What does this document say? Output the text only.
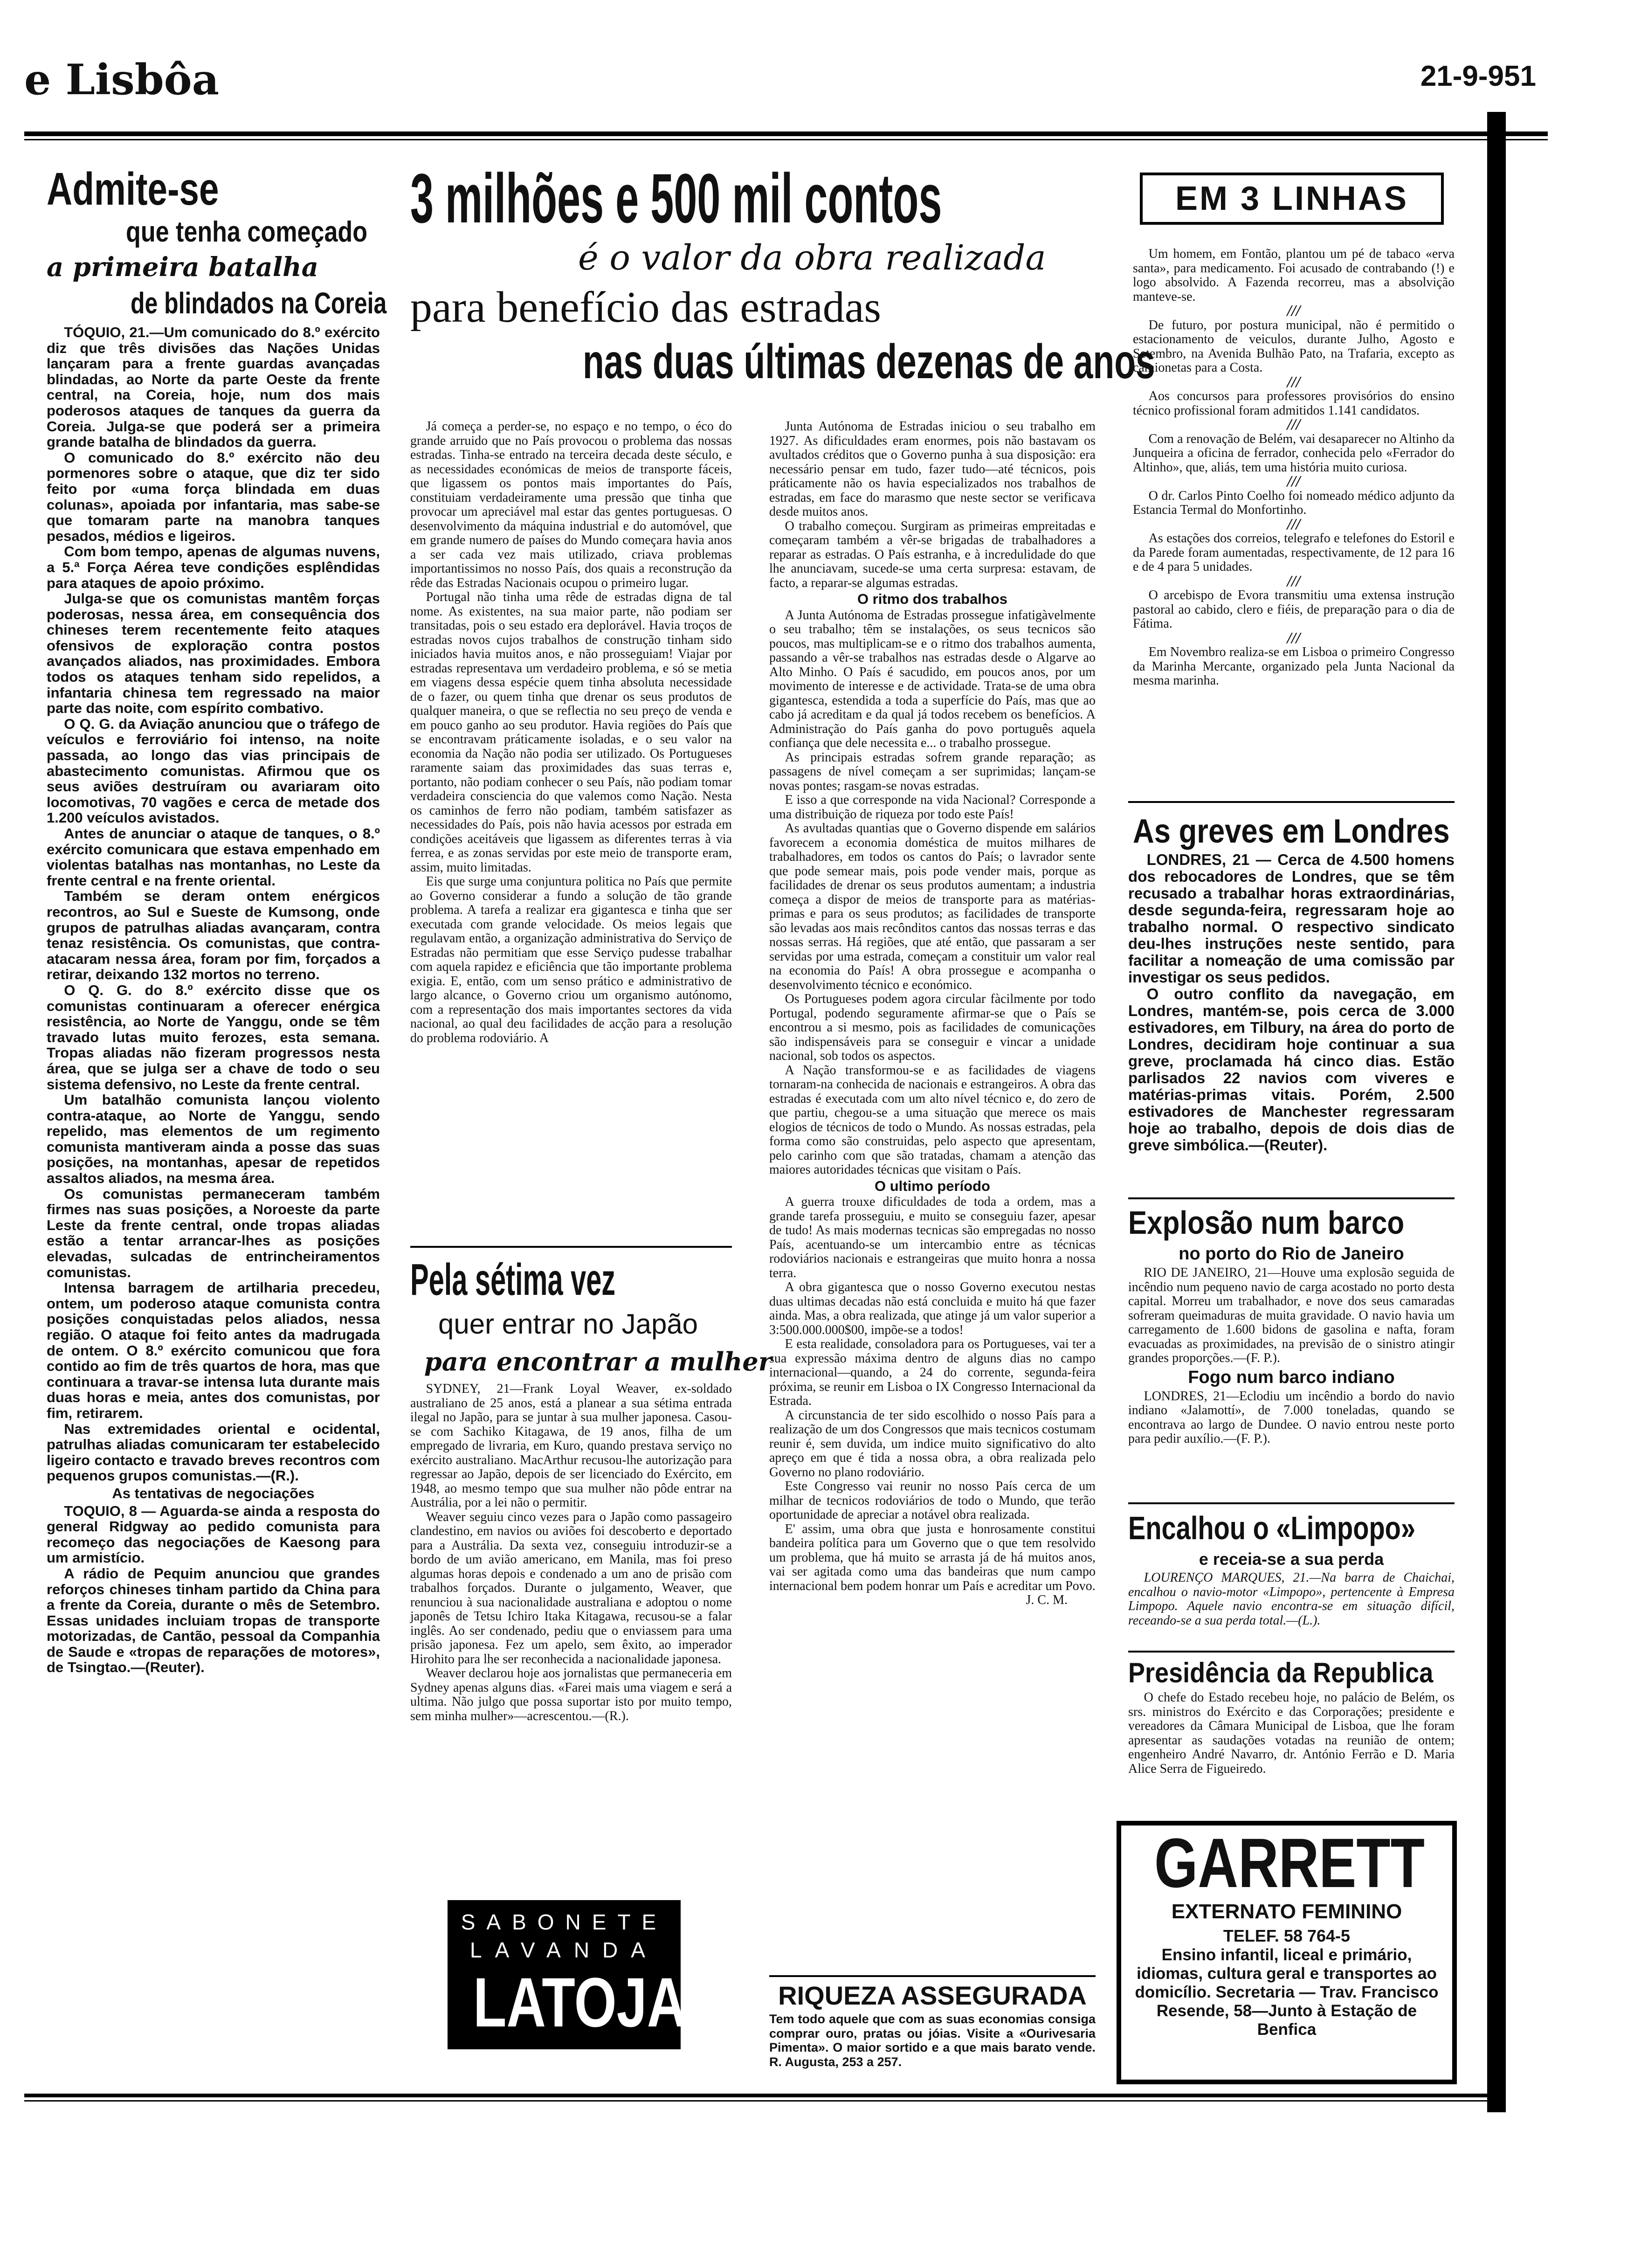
e Lisbôa	21-9-951
Admite-se
que tenha começado
a primeira batalha
de blindados na Coreia

TÓQUIO, 21.—Um comunicado do 8.º exército diz que três divisões das Nações Unidas lançaram para a frente guardas avançadas blindadas, ao Norte da parte Oeste da frente central, na Coreia, hoje, num dos mais poderosos ataques de tanques da guerra da Coreia. Julga-se que poderá ser a primeira grande batalha de blindados da guerra.

O comunicado do 8.º exército não deu pormenores sobre o ataque, que diz ter sido feito por «uma força blindada em duas colunas», apoiada por infantaria, mas sabe-se que tomaram parte na manobra tanques pesados, médios e ligeiros.

Com bom tempo, apenas de algumas nuvens, a 5.ª Força Aérea teve condições esplêndidas para ataques de apoio próximo.

Julga-se que os comunistas mantêm forças poderosas, nessa área, em consequência dos chineses terem recentemente feito ataques ofensivos de exploração contra postos avançados aliados, nas proximidades. Embora todos os ataques tenham sido repelidos, a infantaria chinesa tem regressado na maior parte das noite, com espírito combativo.

O Q. G. da Aviação anunciou que o tráfego de veículos e ferroviário foi intenso, na noite passada, ao longo das vias principais de abastecimento comunistas. Afirmou que os seus aviões destruíram ou avariaram oito locomotivas, 70 vagões e cerca de metade dos 1.200 veículos avistados.

Antes de anunciar o ataque de tanques, o 8.º exército comunicara que estava empenhado em violentas batalhas nas montanhas, no Leste da frente central e na frente oriental.

Também se deram ontem enérgicos recontros, ao Sul e Sueste de Kumsong, onde grupos de patrulhas aliadas avançaram, contra tenaz resistência. Os comunistas, que contra-atacaram nessa área, foram por fim, forçados a retirar, deixando 132 mortos no terreno.

O Q. G. do 8.º exército disse que os comunistas continuaram a oferecer enérgica resistência, ao Norte de Yanggu, onde se têm travado lutas muito ferozes, esta semana. Tropas aliadas não fizeram progressos nesta área, que se julga ser a chave de todo o seu sistema defensivo, no Leste da frente central.

Um batalhão comunista lançou violento contra-ataque, ao Norte de Yanggu, sendo repelido, mas elementos de um regimento comunista mantiveram ainda a posse das suas posições, na montanhas, apesar de repetidos assaltos aliados, na mesma área.

Os comunistas permaneceram também firmes nas suas posições, a Noroeste da parte Leste da frente central, onde tropas aliadas estão a tentar arrancar-lhes as posições elevadas, sulcadas de entrincheiramentos comunistas.

Intensa barragem de artilharia precedeu, ontem, um poderoso ataque comunista contra posições conquistadas pelos aliados, nessa região. O ataque foi feito antes da madrugada de ontem. O 8.º exército comunicou que fora contido ao fim de três quartos de hora, mas que continuara a travar-se intensa luta durante mais duas horas e meia, antes dos comunistas, por fim, retirarem.

Nas extremidades oriental e ocidental, patrulhas aliadas comunicaram ter estabelecido ligeiro contacto e travado breves recontros com pequenos grupos comunistas.—(R.).

As tentativas de negociações

TOQUIO, 8 — Aguarda-se ainda a resposta do general Ridgway ao pedido comunista para recomeço das negociações de Kaesong para um armistício.

A rádio de Pequim anunciou que grandes reforços chineses tinham partido da China para a frente da Coreia, durante o mês de Setembro. Essas unidades incluiam tropas de transporte motorizadas, de Cantão, pessoal da Companhia de Saude e «tropas de reparações de motores», de Tsingtao.—(Reuter).

3 milhões e 500 mil contos
é o valor da obra realizada
para benefício das estradas
nas duas últimas dezenas de anos

Já começa a perder-se, no espaço e no tempo, o éco do grande arruido que no País provocou o problema das nossas estradas. Tinha-se entrado na terceira decada deste século, e as necessidades económicas de meios de transporte fáceis, que ligassem os pontos mais importantes do País, constituiam verdadeiramente uma pressão que tinha que provocar um apreciável mal estar das gentes portuguesas. O desenvolvimento da máquina industrial e do automóvel, que em grande numero de países do Mundo começara havia anos a ser cada vez mais utilizado, criava problemas importantissimos no nosso País, dos quais a reconstrução da rêde das Estradas Nacionais ocupou o primeiro lugar.

Portugal não tinha uma rêde de estradas digna de tal nome. As existentes, na sua maior parte, não podiam ser transitadas, pois o seu estado era deplorável. Havia troços de estradas novos cujos trabalhos de construção tinham sido iniciados havia muitos anos, e não prosseguiam! Viajar por estradas representava um verdadeiro problema, e só se metia em viagens dessa espécie quem tinha absoluta necessidade de o fazer, ou quem tinha que drenar os seus produtos de qualquer maneira, o que se reflectia no seu preço de venda e em pouco ganho ao seu produtor. Havia regiões do País que se encontravam práticamente isoladas, e o seu valor na economia da Nação não podia ser utilizado. Os Portugueses raramente saiam das proximidades das suas terras e, portanto, não podiam conhecer o seu País, não podiam tomar verdadeira consciencia do que valemos como Nação. Nesta os caminhos de ferro não podiam, também satisfazer as necessidades do País, pois não havia acessos por estrada em condições aceitáveis que ligassem as diferentes terras à via ferrea, e as zonas servidas por este meio de transporte eram, assim, muito limitadas.

Eis que surge uma conjuntura politica no País que permite ao Governo considerar a fundo a solução de tão grande problema. A tarefa a realizar era gigantesca e tinha que ser executada com grande velocidade. Os meios legais que regulavam então, a organização administrativa do Serviço de Estradas não permitiam que esse Serviço pudesse trabalhar com aquela rapidez e eficiência que tão importante problema exigia. E, então, com um senso prático e administrativo de largo alcance, o Governo criou um organismo autónomo, com a representação dos mais importantes sectores da vida nacional, ao qual deu facilidades de acção para a resolução do problema rodoviário. A

Pela sétima vez
quer entrar no Japão
para encontrar a mulher

SYDNEY, 21—Frank Loyal Weaver, ex-soldado australiano de 25 anos, está a planear a sua sétima entrada ilegal no Japão, para se juntar à sua mulher japonesa. Casou-se com Sachiko Kitagawa, de 19 anos, filha de um empregado de livraria, em Kuro, quando prestava serviço no exército australiano. MacArthur recusou-lhe autorização para regressar ao Japão, depois de ser licenciado do Exército, em 1948, ao mesmo tempo que sua mulher não pôde entrar na Austrália, por a lei não o permitir.

Weaver seguiu cinco vezes para o Japão como passageiro clandestino, em navios ou aviões foi descoberto e deportado para a Austrália. Da sexta vez, conseguiu introduzir-se a bordo de um avião americano, em Manila, mas foi preso algumas horas depois e condenado a um ano de prisão com trabalhos forçados. Durante o julgamento, Weaver, que renunciou à sua nacionalidade australiana e adoptou o nome japonês de Tetsu Ichiro Itaka Kitagawa, recusou-se a falar inglês. Ao ser condenado, pediu que o enviassem para uma prisão japonesa. Fez um apelo, sem êxito, ao imperador Hirohito para lhe ser reconhecida a nacionalidade japonesa.

Weaver declarou hoje aos jornalistas que permaneceria em Sydney apenas alguns dias. «Farei mais uma viagem e será a ultima. Não julgo que possa suportar isto por muito tempo, sem minha mulher»—acrescentou.—(R.).

SABONETE
LAVANDA
LATOJA

Junta Autónoma de Estradas iniciou o seu trabalho em 1927. As dificuldades eram enormes, pois não bastavam os avultados créditos que o Governo punha à sua disposição: era necessário pensar em tudo, fazer tudo—até técnicos, pois práticamente não os havia especializados nos trabalhos de estradas, em face do marasmo que neste sector se verificava desde muitos anos.

O trabalho começou. Surgiram as primeiras empreitadas e começaram também a vêr-se brigadas de trabalhadores a reparar as estradas. O País estranha, e à incredulidade do que lhe anunciavam, sucede-se uma certa surpresa: estavam, de facto, a reparar-se algumas estradas.

O ritmo dos trabalhos

A Junta Autónoma de Estradas prossegue infatigàvelmente o seu trabalho; têm se instalações, os seus tecnicos são poucos, mas multiplicam-se e o ritmo dos trabalhos aumenta, passando a vêr-se trabalhos nas estradas desde o Algarve ao Alto Minho. O País é sacudido, em poucos anos, por um movimento de interesse e de actividade. Trata-se de uma obra gigantesca, estendida a toda a superfície do País, mas que ao cabo já acreditam e da qual já todos recebem os benefícios. A Administração do País ganha do povo português aquela confiança que dele necessita e... o trabalho prossegue.

As principais estradas sofrem grande reparação; as passagens de nível começam a ser suprimidas; lançam-se novas pontes; rasgam-se novas estradas.

E isso a que corresponde na vida Nacional? Corresponde a uma distribuição de riqueza por todo este País!

As avultadas quantias que o Governo dispende em salários favorecem a economia doméstica de muitos milhares de trabalhadores, em todos os cantos do País; o lavrador sente que pode semear mais, pois pode vender mais, porque as facilidades de drenar os seus produtos aumentam; a industria começa a dispor de meios de transporte para as matérias-primas e para os seus produtos; as facilidades de transporte são levadas aos mais recônditos cantos das nossas terras e das nossas serras. Há regiões, que até então, que passaram a ser servidas por uma estrada, começam a constituir um valor real na economia do País! A obra prossegue e acompanha o desenvolvimento técnico e económico.

Os Portugueses podem agora circular fàcilmente por todo Portugal, podendo seguramente afirmar-se que o País se encontrou a si mesmo, pois as facilidades de comunicações são indispensáveis para se conseguir e vincar a unidade nacional, sob todos os aspectos.

A Nação transformou-se e as facilidades de viagens tornaram-na conhecida de nacionais e estrangeiros. A obra das estradas é executada com um alto nível técnico e, do zero de que partiu, chegou-se a uma situação que merece os mais elogios de técnicos de todo o Mundo. As nossas estradas, pela forma como são construidas, pelo aspecto que apresentam, pelo carinho com que são tratadas, chamam a atenção das maiores autoridades técnicas que visitam o País.

O ultimo período

A guerra trouxe dificuldades de toda a ordem, mas a grande tarefa prosseguiu, e muito se conseguiu fazer, apesar de tudo! As mais modernas tecnicas são empregadas no nosso País, acentuando-se um intercambio entre as técnicas rodoviários nacionais e estrangeiras que muito honra a nossa terra.

A obra gigantesca que o nosso Governo executou nestas duas ultimas decadas não está concluida e muito há que fazer ainda. Mas, a obra realizada, que atinge já um valor superior a 3:500.000.000$00, impõe-se a todos!

E esta realidade, consoladora para os Portugueses, vai ter a sua expressão máxima dentro de alguns dias no campo internacional—quando, a 24 do corrente, segunda-feira próxima, se reunir em Lisboa o IX Congresso Internacional da Estrada.

A circunstancia de ter sido escolhido o nosso País para a realização de um dos Congressos que mais tecnicos costumam reunir é, sem duvida, um indice muito significativo do alto apreço em que é tida a nossa obra, a obra realizada pelo Governo no plano rodoviário.

Este Congresso vai reunir no nosso País cerca de um milhar de tecnicos rodoviários de todo o Mundo, que terão oportunidade de apreciar a notável obra realizada.

E' assim, uma obra que justa e honrosamente constitui bandeira política para um Governo que o que tem resolvido um problema, que há muito se arrasta já de há muitos anos, vai ser agitada como uma das bandeiras que num campo internacional bem podem honrar um País e acreditar um Povo.

J. C. M.
RIQUEZA ASSEGURADA
Tem todo aquele que com as suas economias consiga comprar ouro, pratas ou jóias. Visite a «Ourivesaria Pimenta». O maior sortido e a que mais barato vende. R. Augusta, 253 a 257.
EM 3 LINHAS

Um homem, em Fontão, plantou um pé de tabaco «erva santa», para medicamento. Foi acusado de contrabando (!) e logo absolvido. A Fazenda recorreu, mas a absolvição manteve-se.

///

De futuro, por postura municipal, não é permitido o estacionamento de veiculos, durante Julho, Agosto e Setembro, na Avenida Bulhão Pato, na Trafaria, excepto as camionetas para a Costa.

///

Aos concursos para professores provisórios do ensino técnico profissional foram admitidos 1.141 candidatos.

///

Com a renovação de Belém, vai desaparecer no Altinho da Junqueira a oficina de ferrador, conhecida pelo «Ferrador do Altinho», que, aliás, tem uma história muito curiosa.

///

O dr. Carlos Pinto Coelho foi nomeado médico adjunto da Estancia Termal do Monfortinho.

///

As estações dos correios, telegrafo e telefones do Estoril e da Parede foram aumentadas, respectivamente, de 12 para 16 e de 4 para 5 unidades.

///

O arcebispo de Evora transmitiu uma extensa instrução pastoral ao cabido, clero e fiéis, de preparação para o dia de Fátima.

///

Em Novembro realiza-se em Lisboa o primeiro Congresso da Marinha Mercante, organizado pela Junta Nacional da mesma marinha.

As greves em Londres

LONDRES, 21 — Cerca de 4.500 homens dos rebocadores de Londres, que se têm recusado a trabalhar horas extraordinárias, desde segunda-feira, regressaram hoje ao trabalho normal. O respectivo sindicato deu-lhes instruções neste sentido, para facilitar a nomeação de uma comissão par investigar os seus pedidos.

O outro conflito da navegação, em Londres, mantém-se, pois cerca de 3.000 estivadores, em Tilbury, na área do porto de Londres, decidiram hoje continuar a sua greve, proclamada há cinco dias. Estão parlisados 22 navios com viveres e matérias-primas vitais. Porém, 2.500 estivadores de Manchester regressaram hoje ao trabalho, depois de dois dias de greve simbólica.—(Reuter).

Explosão num barco
no porto do Rio de Janeiro
RIO DE JANEIRO, 21—Houve uma explosão seguida de incêndio num pequeno navio de carga acostado no porto desta capital. Morreu um trabalhador, e nove dos seus camaradas sofreram queimaduras de muita gravidade. O navio havia um carregamento de 1.600 bidons de gasolina e nafta, foram evacuadas as proximidades, na previsão de o sinistro atingir grandes proporções.—(F. P.).
Fogo num barco indiano
LONDRES, 21—Eclodiu um incêndio a bordo do navio indiano «Jalamottí», de 7.000 toneladas, quando se encontrava ao largo de Dundee. O navio entrou neste porto para pedir auxílio.—(F. P.).
Encalhou o «Limpopo»
e receia-se a sua perda
LOURENÇO MARQUES, 21.—Na barra de Chaichai, encalhou o navio-motor «Limpopo», pertencente à Empresa Limpopo. Aquele navio encontra-se em situação difícil, receando-se a sua perda total.—(L.).
Presidência da Republica
O chefe do Estado recebeu hoje, no palácio de Belém, os srs. ministros do Exército e das Corporações; presidente e vereadores da Câmara Municipal de Lisboa, que lhe foram apresentar as saudações votadas na reunião de ontem; engenheiro André Navarro, dr. António Ferrão e D. Maria Alice Serra de Figueiredo.
GARRETT
EXTERNATO FEMININO
TELEF. 58 764-5
Ensino infantil, liceal e primário, idiomas, cultura geral e transportes ao domicílio. Secretaria — Trav. Francisco Resende, 58—Junto à Estação de Benfica
